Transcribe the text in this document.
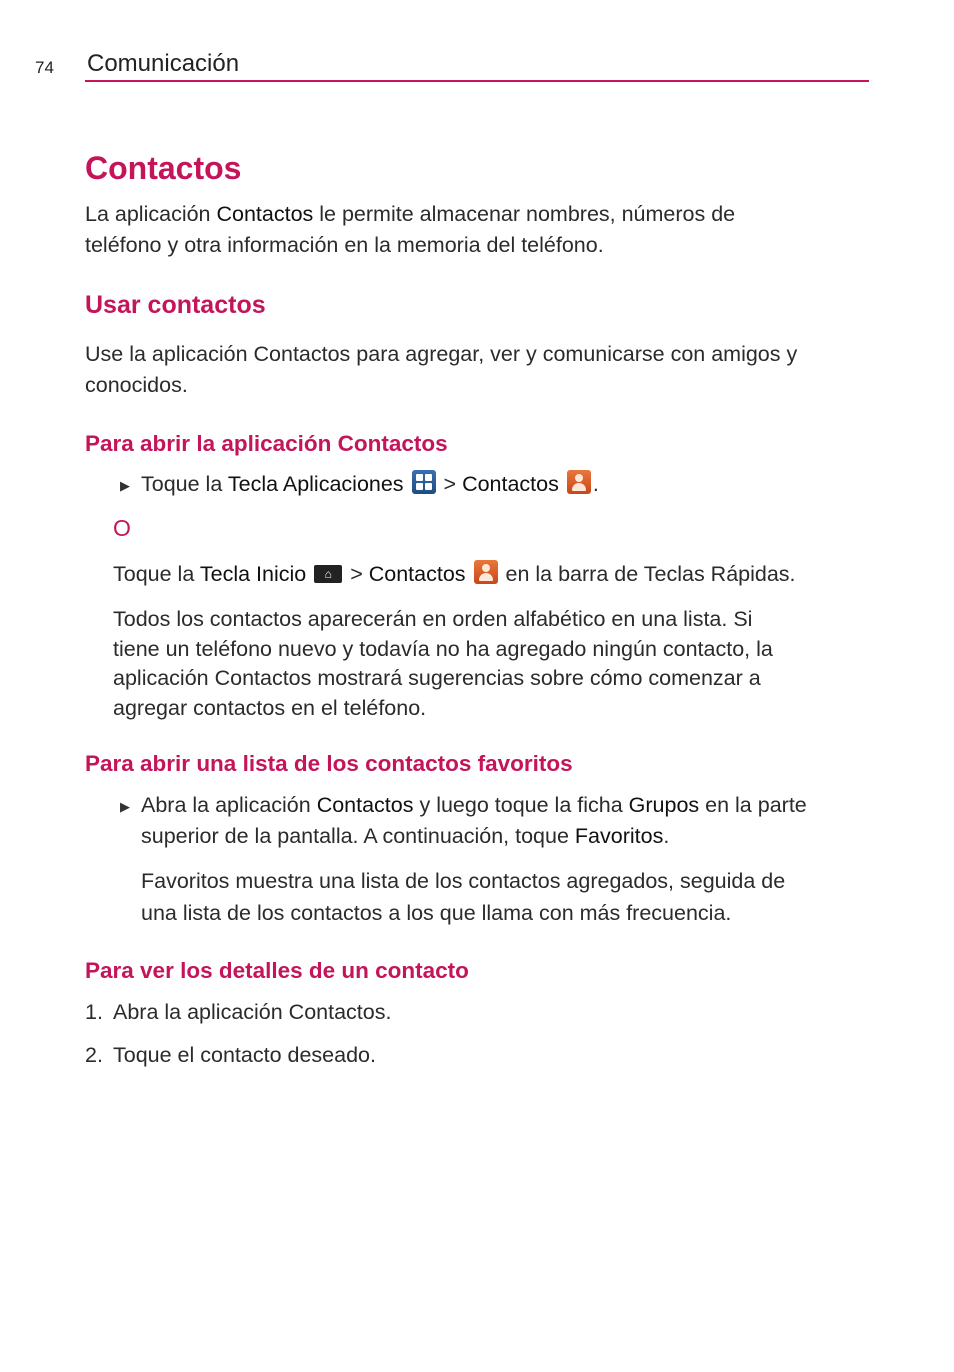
74 Comunicación
Contactos

La aplicación Contactos le permite almacenar nombres, números de

teléfono y otra información en la memoria del teléfono.

Usar contactos

Use la aplicación Contactos para agregar, ver y comunicarse con amigos y

conocidos.

Para abrir la aplicación Contactos
▶ Toque la Tecla Aplicaciones
> Contactos .

O

Toque la Tecla Inicio	⌂ > Contactos
en la barra de Teclas Rápidas.

Todos los contactos aparecerán en orden alfabético en una lista. Si

tiene un teléfono nuevo y todavía no ha agregado ningún contacto, la

aplicación Contactos mostrará sugerencias sobre cómo comenzar a

agregar contactos en el teléfono.

Para abrir una lista de los contactos favoritos
▶ Abra la aplicación Contactos y luego toque la ficha Grupos en la parte

superior de la pantalla. A continuación, toque Favoritos.

Favoritos muestra una lista de los contactos agregados, seguida de

una lista de los contactos a los que llama con más frecuencia.

Para ver los detalles de un contacto

1. Abra la aplicación Contactos.

2. Toque el contacto deseado.
